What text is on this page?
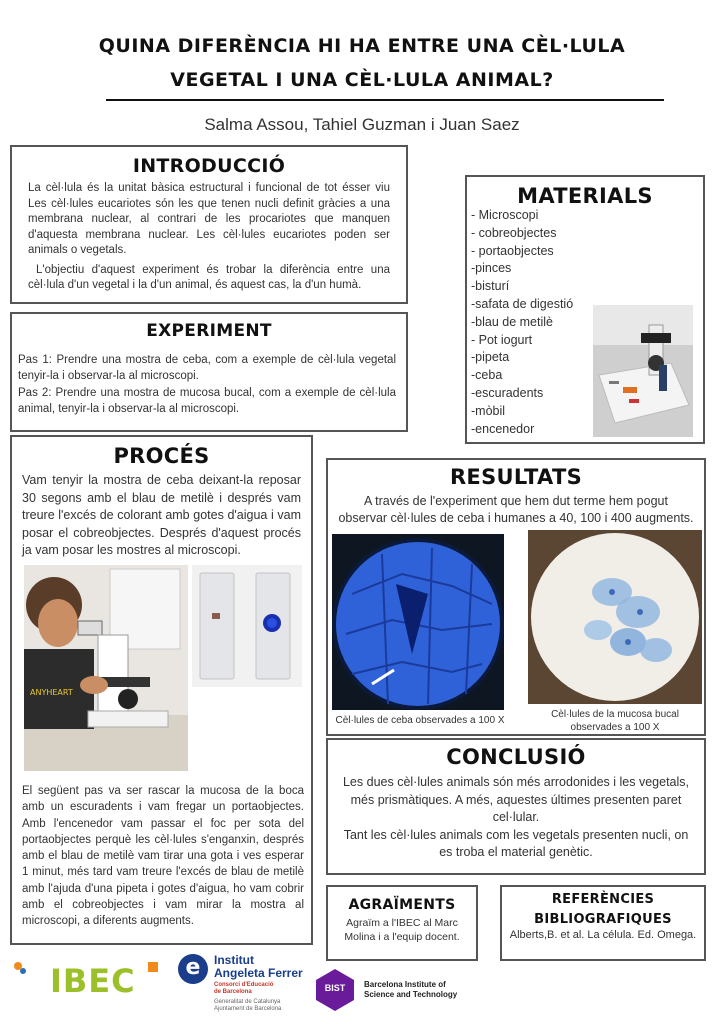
QUINA DIFERÈNCIA HI HA ENTRE UNA CÈL·LULA
VEGETAL I UNA CÈL·LULA ANIMAL?
Salma Assou, Tahiel Guzman i Juan Saez
INTRODUCCIÓ
La cèl·lula és la unitat bàsica estructural i funcional de tot ésser viu Les cèl·lules eucariotes són les que tenen nucli definit gràcies a una membrana nuclear, al contrari de les procariotes que manquen d'aquesta membrana nuclear. Les cèl·lules eucariotes poden ser animals o vegetals.
L'objectiu d'aquest experiment és trobar la diferència entre una cèl·lula d'un vegetal i la d'un animal, és aquest cas, la d'un humà.
MATERIALS
- Microscopi
- cobreobjectes
- portaobjectes
-pinces
-bisturí
-safata de digestió
-blau de metilè
- Pot iogurt
-pipeta
-ceba
-escuradents
-mòbil
-encenedor
EXPERIMENT
Pas 1: Prendre una mostra de ceba, com a exemple de cèl·lula vegetal tenyir-la i observar-la al microscopi.
Pas 2: Prendre una mostra de mucosa bucal, com a exemple de cèl·lula animal, tenyir-la i observar-la al microscopi.
PROCÉS
Vam tenyir la mostra de ceba deixant-la reposar 30 segons amb el blau de metilè i després vam treure l'excés de colorant amb gotes d'aigua i vam posar el cobreobjectes. Després d'aquest procés ja vam posar les mostres al microscopi.
ANYHEART
El següent pas va ser rascar la mucosa de la boca amb un escuradents i vam fregar un portaobjectes. Amb l'encenedor vam passar el foc per sota del portaobjectes perquè les cèl·lules s'enganxin, després amb el blau de metilè vam tirar una gota i ves esperar 1 minut, més tard vam treure l'excés de blau de metilè amb l'ajuda d'una pipeta i gotes d'aigua, ho vam cobrir amb el cobreobjectes i vam mirar la mostra al microscopi, a diferents augments.
RESULTATS
A través de l'experiment que hem dut terme hem pogut observar cèl·lules de ceba i humanes a 40, 100 i 400 augments.
Cèl·lules de ceba observades a 100 X
Cèl·lules de la mucosa bucal
observades a 100 X
CONCLUSIÓ
Les dues cèl·lules animals són més arrodonides i les vegetals, més prismàtiques. A més, aquestes últimes presenten paret cel·lular.
Tant les cèl·lules animals com les vegetals presenten nucli, on es troba el material genètic.
AGRAÏMENTS
Agraïm a l'IBEC al Marc
Molina i a l'equip docent.
REFERÈNCIES
BIBLIOGRAFIQUES
Alberts,B. et al. La célula. Ed. Omega.
IBEC	e	Institut
Angeleta Ferrer
Consorci d'Educació
de Barcelona
Generalitat de Catalunya
Ajuntament de Barcelona
BIST	Barcelona Institute of
Science and Technology
